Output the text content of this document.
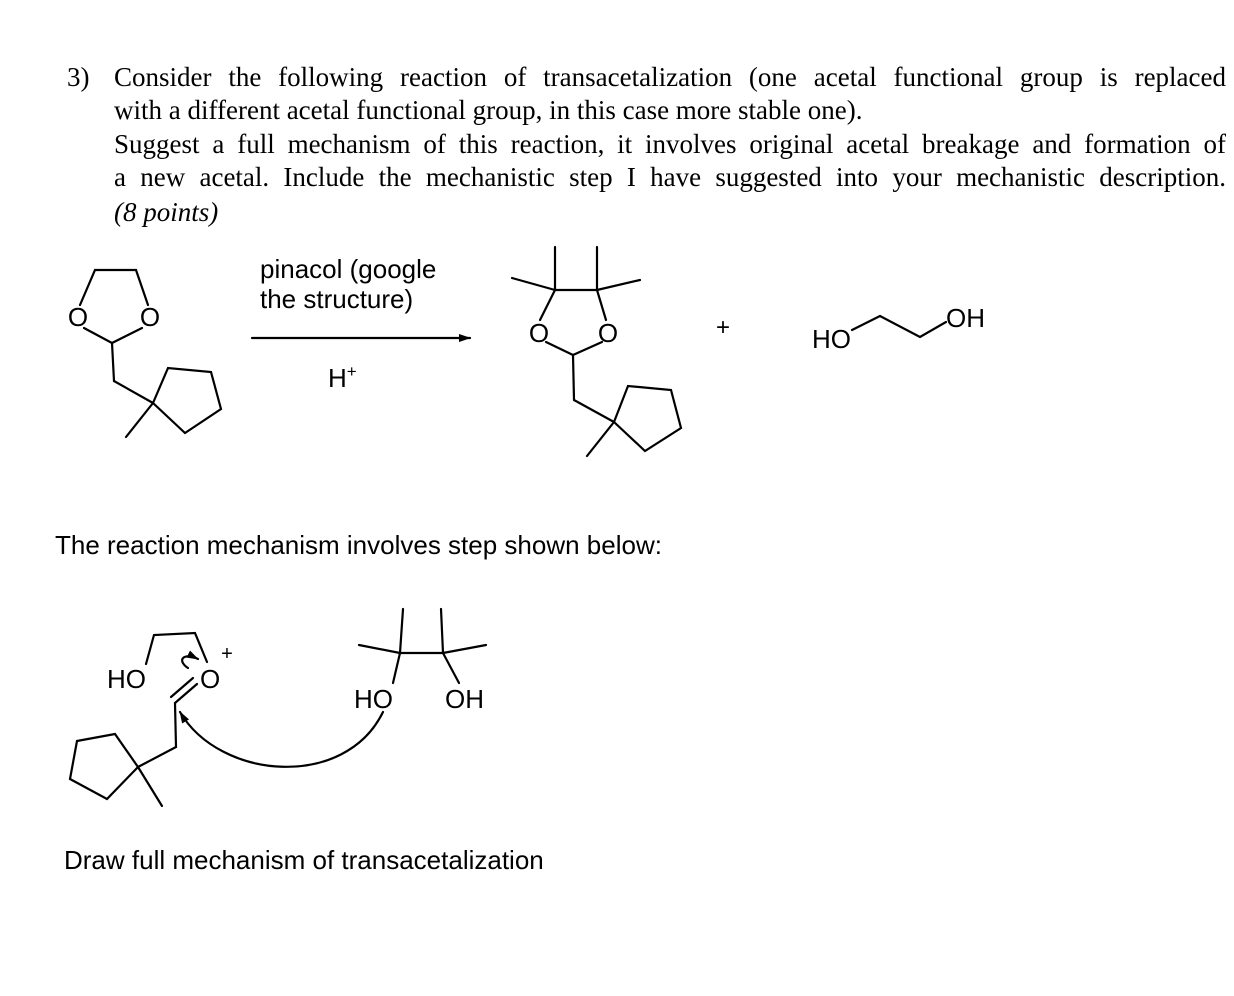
3) Consider the following reaction of transacetalization (one acetal functional group is replaced
with a different acetal functional group, in this case more stable one).
Suggest a full mechanism of this reaction, it involves original acetal breakage and formation of
a new acetal. Include the mechanistic step I have suggested into your mechanistic description.
(8 points)
pinacol (google
the structure)
The reaction mechanism involves step shown below:
Draw full mechanism of transacetalization
O O
H+
O O	+	HO
OH
HO O
+
HO OH
